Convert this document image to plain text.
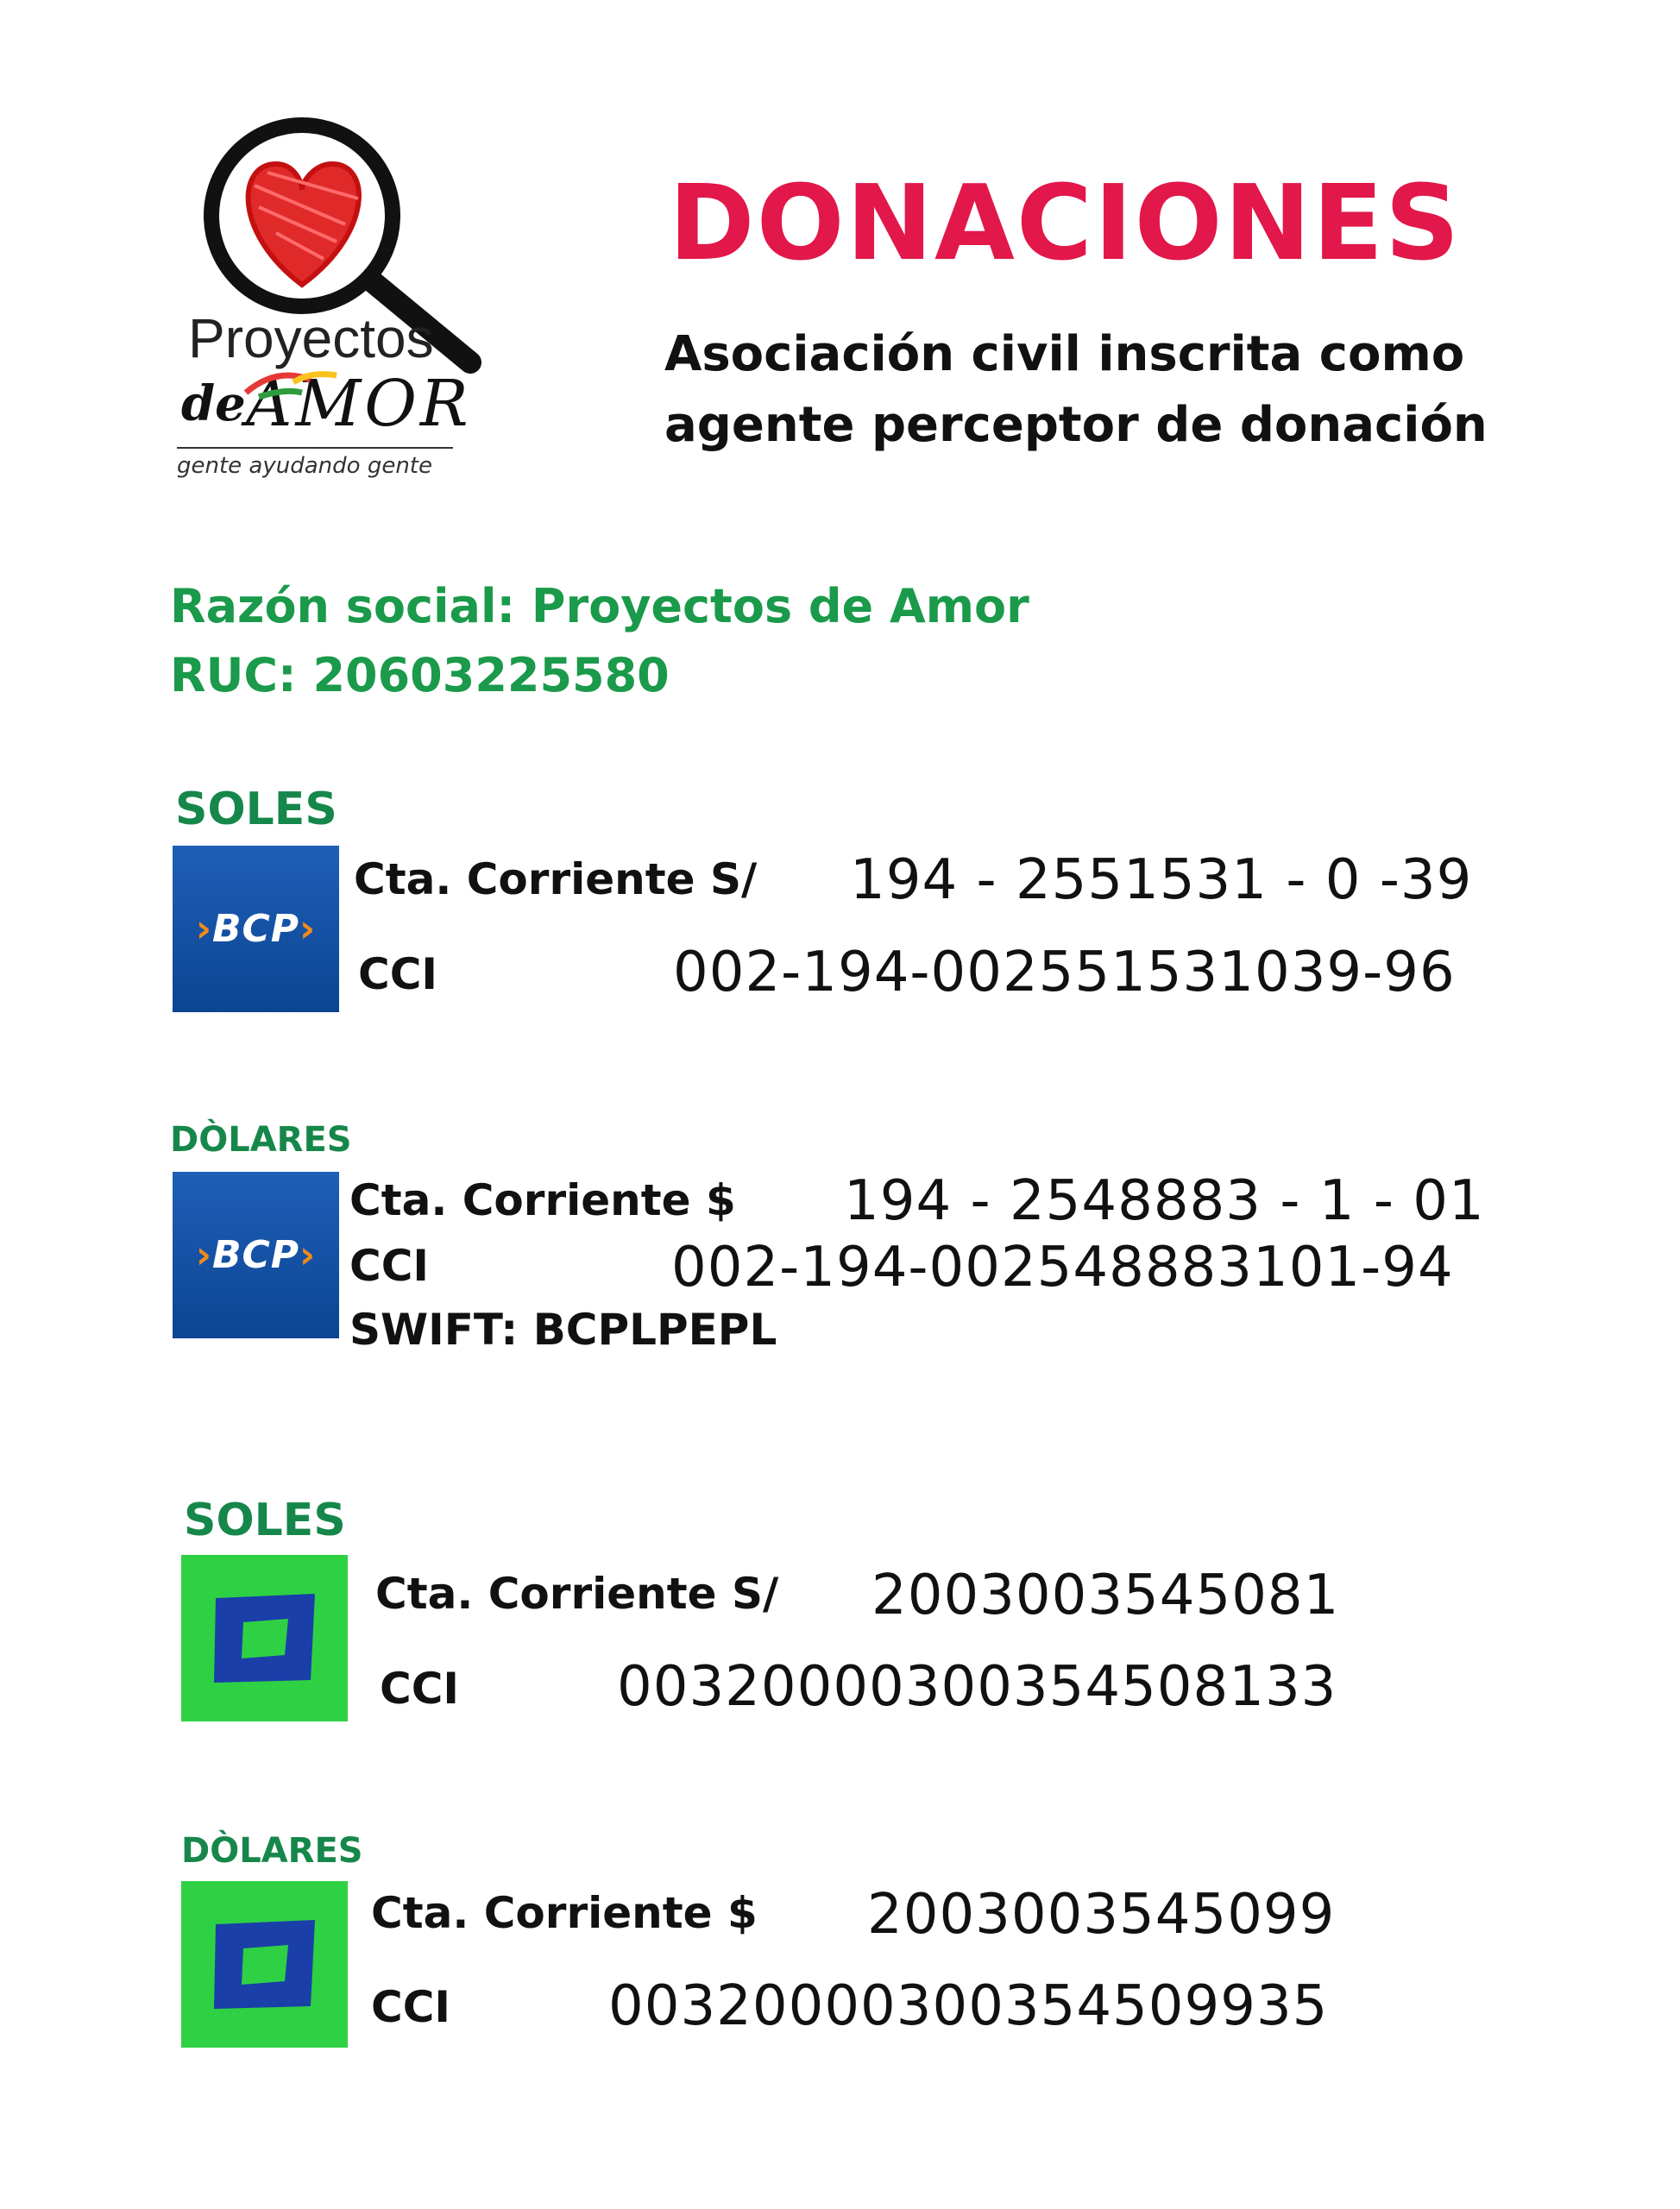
Proyectos
de AMOR
gente ayudando gente
DONACIONES
Asociación civil inscrita como
agente perceptor de donación
Razón social: Proyectos de Amor
RUC: 20603225580
SOLES
›BCP›
Cta. Corriente S/ 194 - 2551531 - 0 -39
CCI	002-194-002551531039-96
DÒLARES
›BCP›
Cta. Corriente $ 194 - 2548883 - 1 - 01
CCI	002-194-002548883101-94
SWIFT: BCPLPEPL
SOLES
Cta. Corriente S/ 2003003545081
CCI	00320000300354508133
DÒLARES
Cta. Corriente $ 2003003545099
CCI	00320000300354509935
